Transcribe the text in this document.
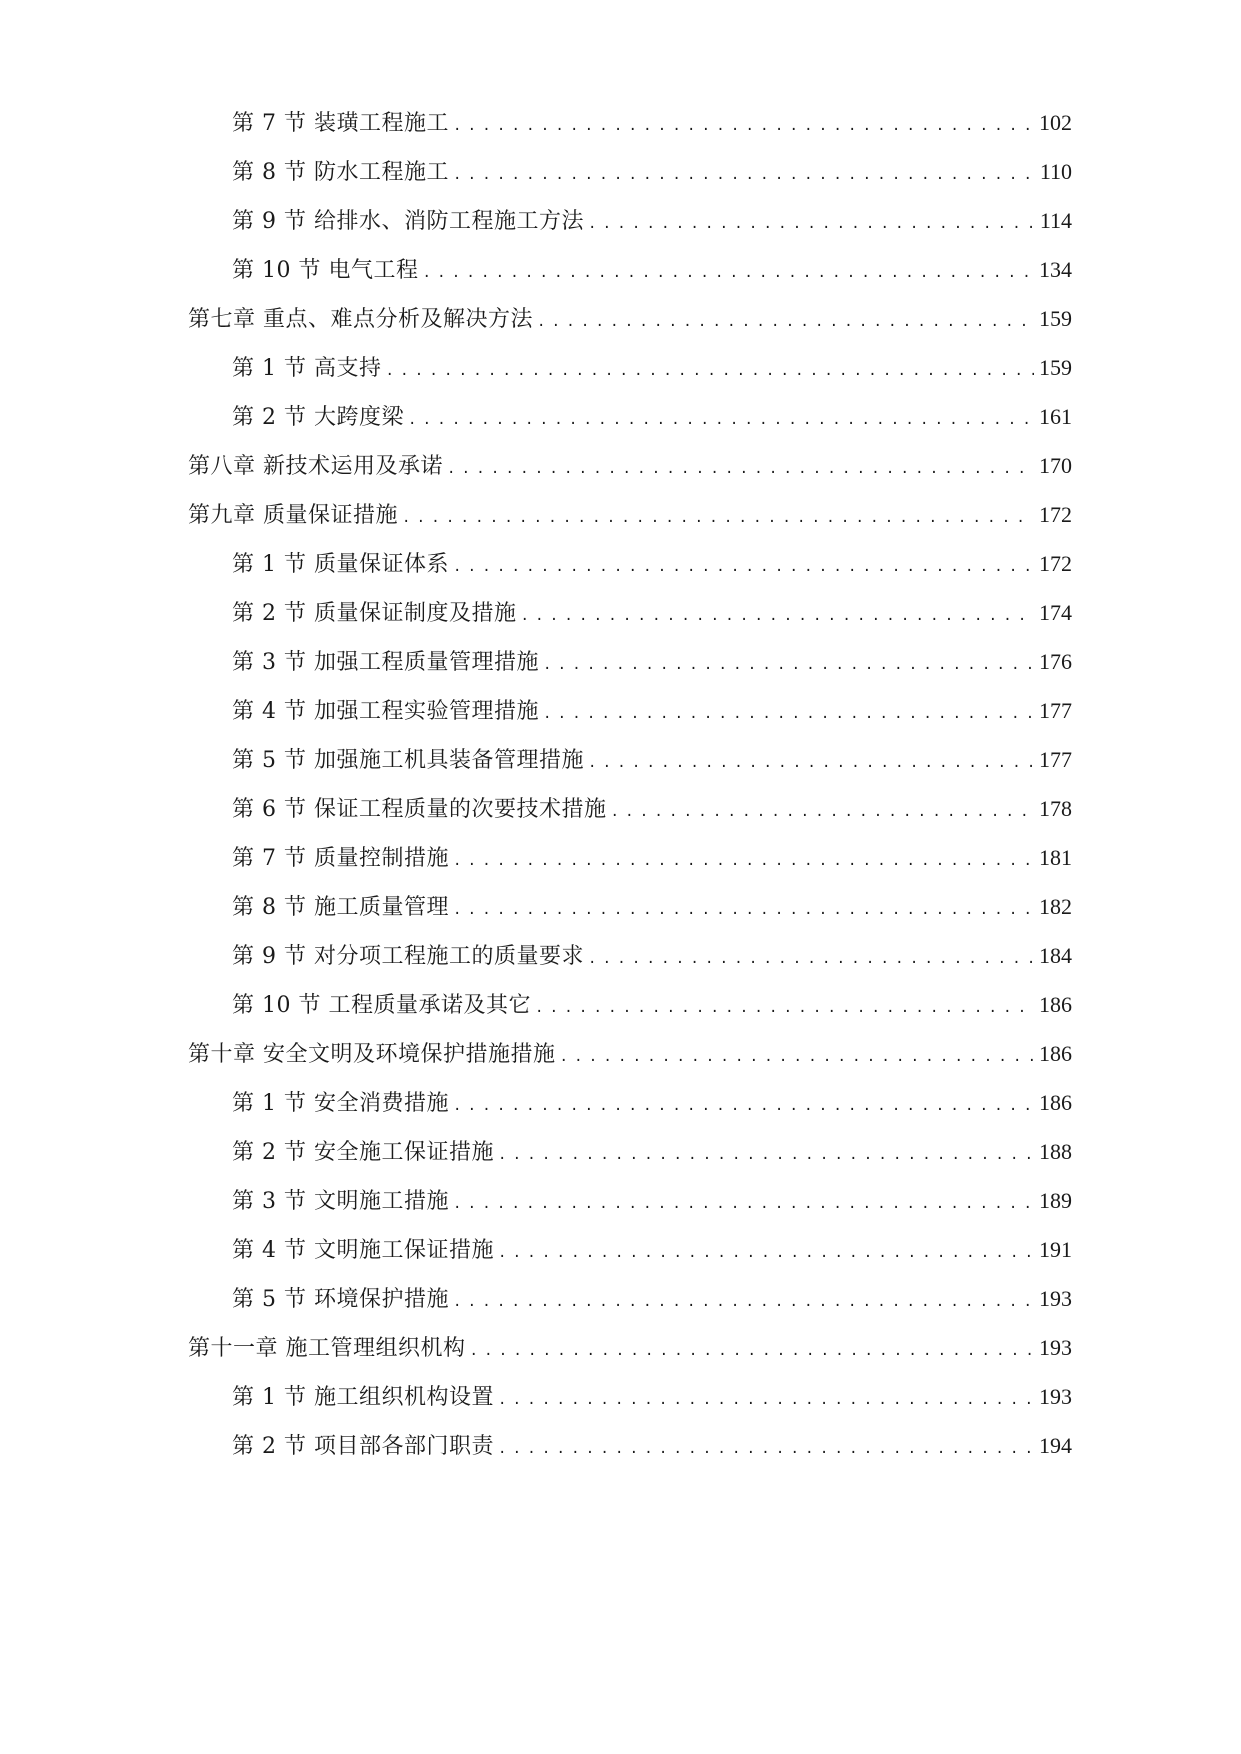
第 7 节 装璜工程施工 .....	102
第 8 节 防水工程施工 .....	110
第 9 节 给排水、消防工程施工方法 .....	114
第 10 节 电气工程 .....	134
第七章 重点、难点分析及解决方法 .....	159
第 1 节 高支持 .....	159
第 2 节 大跨度梁 .....	161
第八章 新技术运用及承诺 .....	170
第九章 质量保证措施 .....	172
第 1 节 质量保证体系 .....	172
第 2 节 质量保证制度及措施 .....	174
第 3 节 加强工程质量管理措施 .....	176
第 4 节 加强工程实验管理措施 .....	177
第 5 节 加强施工机具装备管理措施 .....	177
第 6 节 保证工程质量的次要技术措施 .....	178
第 7 节 质量控制措施 .....	181
第 8 节 施工质量管理 .....	182
第 9 节 对分项工程施工的质量要求 .....	184
第 10 节 工程质量承诺及其它 .....	186
第十章 安全文明及环境保护措施措施 .....	186
第 1 节 安全消费措施 .....	186
第 2 节 安全施工保证措施 .....	188
第 3 节 文明施工措施 .....	189
第 4 节 文明施工保证措施 .....	191
第 5 节 环境保护措施 .....	193
第十一章 施工管理组织机构 .....	193
第 1 节 施工组织机构设置 .....	193
第 2 节 项目部各部门职责 .....	194
